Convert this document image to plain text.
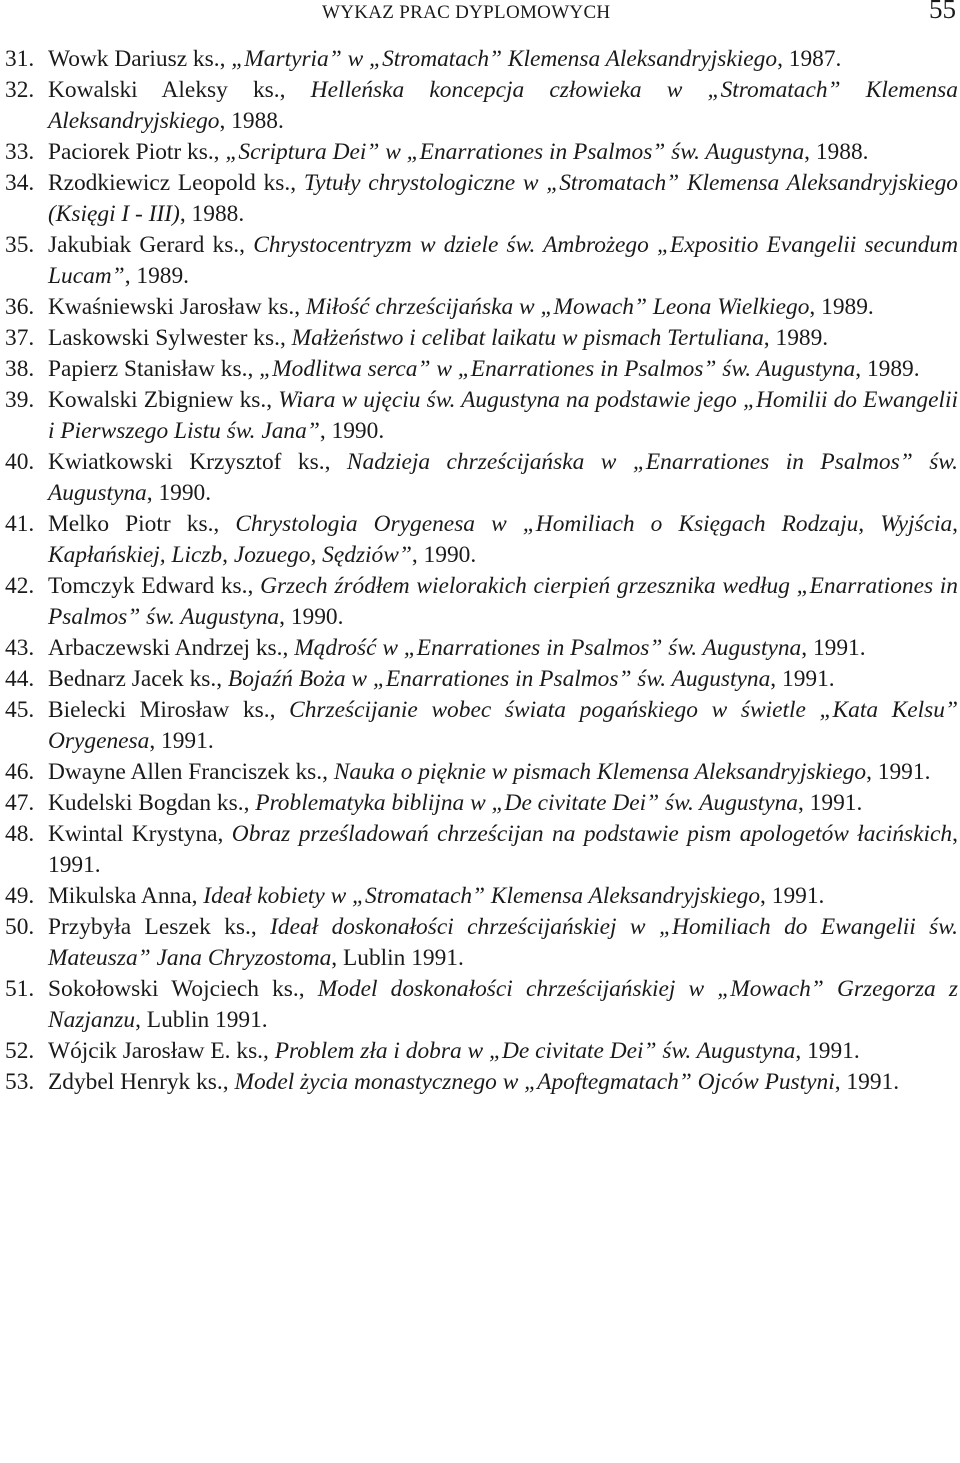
WYKAZ PRAC DYPLOMOWYCH	55
31. Wowk Dariusz ks., „Martyria” w „Stromatach” Klemensa Aleksandryjskiego, 1987.
32. Kowalski Aleksy ks., Helleńska koncepcja człowieka w „Stromatach” Klemensa Aleksandryjskiego, 1988.
33. Paciorek Piotr ks., „Scriptura Dei” w „Enarrationes in Psalmos” św. Augustyna, 1988.
34. Rzodkiewicz Leopold ks., Tytuły chrystologiczne w „Stromatach” Klemensa Aleksandryjskiego (Księgi I - III), 1988.
35. Jakubiak Gerard ks., Chrystocentryzm w dziele św. Ambrożego „Expositio Evangelii secundum Lucam”, 1989.
36. Kwaśniewski Jarosław ks., Miłość chrześcijańska w „Mowach” Leona Wielkiego, 1989.
37. Laskowski Sylwester ks., Małżeństwo i celibat laikatu w pismach Tertuliana, 1989.
38. Papierz Stanisław ks., „Modlitwa serca” w „Enarrationes in Psalmos” św. Augustyna, 1989.
39. Kowalski Zbigniew ks., Wiara w ujęciu św. Augustyna na podstawie jego „Homilii do Ewangelii i Pierwszego Listu św. Jana”, 1990.
40. Kwiatkowski Krzysztof ks., Nadzieja chrześcijańska w „Enarrationes in Psalmos” św. Augustyna, 1990.
41. Melko Piotr ks., Chrystologia Orygenesa w „Homiliach o Księgach Rodzaju, Wyjścia, Kapłańskiej, Liczb, Jozuego, Sędziów”, 1990.
42. Tomczyk Edward ks., Grzech źródłem wielorakich cierpień grzesznika według „Enarrationes in Psalmos” św. Augustyna, 1990.
43. Arbaczewski Andrzej ks., Mądrość w „Enarrationes in Psalmos” św. Augustyna, 1991.
44. Bednarz Jacek ks., Bojaźń Boża w „Enarrationes in Psalmos” św. Augustyna, 1991.
45. Bielecki Mirosław ks., Chrześcijanie wobec świata pogańskiego w świetle „Kata Kelsu” Orygenesa, 1991.
46. Dwayne Allen Franciszek ks., Nauka o pięknie w pismach Klemensa Aleksandryjskiego, 1991.
47. Kudelski Bogdan ks., Problematyka biblijna w „De civitate Dei” św. Augustyna, 1991.
48. Kwintal Krystyna, Obraz prześladowań chrześcijan na podstawie pism apologetów łacińskich, 1991.
49. Mikulska Anna, Ideał kobiety w „Stromatach” Klemensa Aleksandryjskiego, 1991.
50. Przybyła Leszek ks., Ideał doskonałości chrześcijańskiej w „Homiliach do Ewangelii św. Mateusza” Jana Chryzostoma, Lublin 1991.
51. Sokołowski Wojciech ks., Model doskonałości chrześcijańskiej w „Mowach” Grzegorza z Nazjanzu, Lublin 1991.
52. Wójcik Jarosław E. ks., Problem zła i dobra w „De civitate Dei” św. Augustyna, 1991.
53. Zdybel Henryk ks., Model życia monastycznego w „Apoftegmatach” Ojców Pustyni, 1991.
